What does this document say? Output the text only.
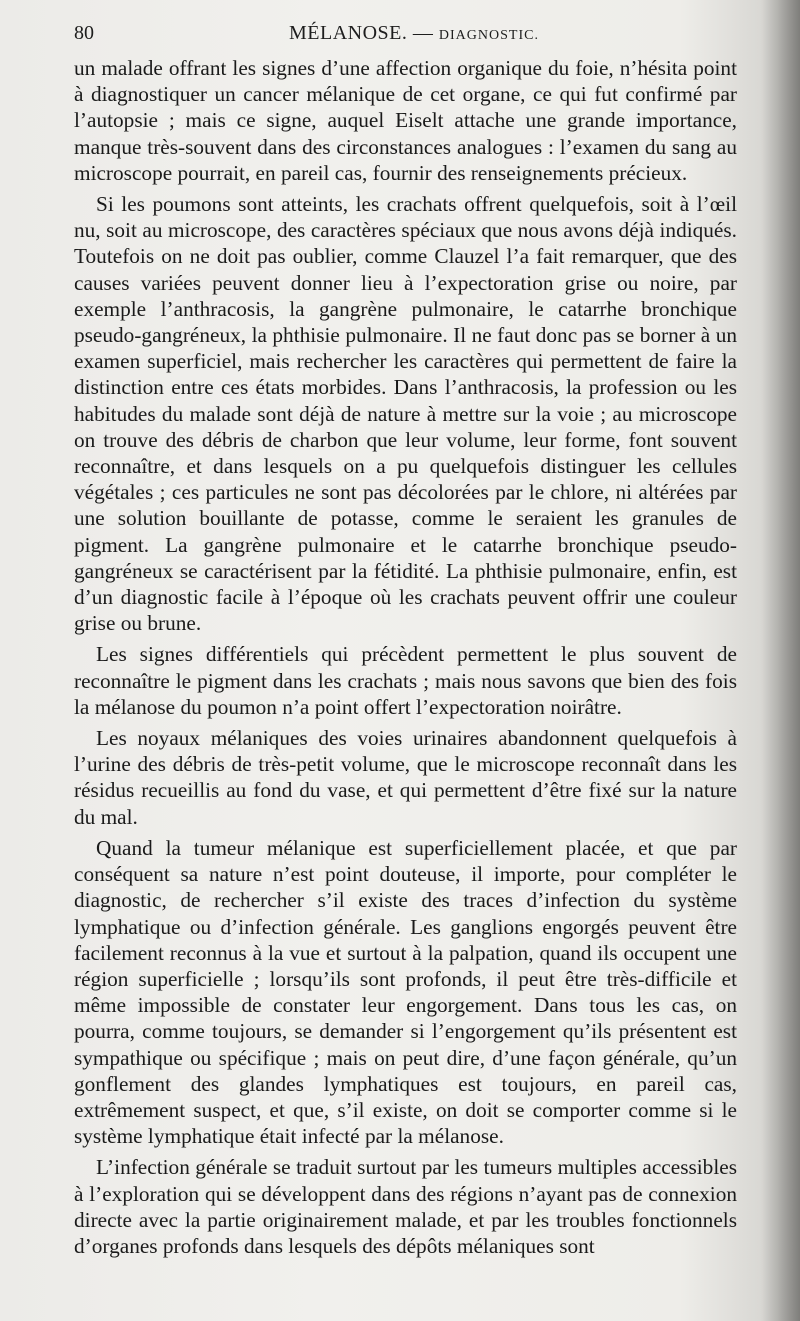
80	MÉLANOSE. — DIAGNOSTIC.

un malade offrant les signes d’une affection organique du foie, n’hésita point à diagnostiquer un cancer mélanique de cet organe, ce qui fut confirmé par l’autopsie ; mais ce signe, auquel Eiselt attache une grande importance, manque très-souvent dans des circonstances analogues : l’examen du sang au microscope pourrait, en pareil cas, fournir des renseignements précieux.

Si les poumons sont atteints, les crachats offrent quelquefois, soit à l’œil nu, soit au microscope, des caractères spéciaux que nous avons déjà indiqués. Toutefois on ne doit pas oublier, comme Clauzel l’a fait remarquer, que des causes variées peuvent donner lieu à l’expectoration grise ou noire, par exemple l’anthracosis, la gangrène pulmonaire, le catarrhe bronchique pseudo-gangréneux, la phthisie pulmonaire. Il ne faut donc pas se borner à un examen superficiel, mais rechercher les caractères qui permettent de faire la distinction entre ces états morbides. Dans l’anthracosis, la profession ou les habitudes du malade sont déjà de nature à mettre sur la voie ; au microscope on trouve des débris de charbon que leur volume, leur forme, font souvent reconnaître, et dans lesquels on a pu quelquefois distinguer les cellules végétales ; ces particules ne sont pas décolorées par le chlore, ni altérées par une solution bouillante de potasse, comme le seraient les granules de pigment. La gangrène pulmonaire et le catarrhe bronchique pseudo-gangréneux se caractérisent par la fétidité. La phthisie pulmonaire, enfin, est d’un diagnostic facile à l’époque où les crachats peuvent offrir une couleur grise ou brune.

Les signes différentiels qui précèdent permettent le plus souvent de reconnaître le pigment dans les crachats ; mais nous savons que bien des fois la mélanose du poumon n’a point offert l’expectoration noirâtre.

Les noyaux mélaniques des voies urinaires abandonnent quelquefois à l’urine des débris de très-petit volume, que le microscope reconnaît dans les résidus recueillis au fond du vase, et qui permettent d’être fixé sur la nature du mal.

Quand la tumeur mélanique est superficiellement placée, et que par conséquent sa nature n’est point douteuse, il importe, pour compléter le diagnostic, de rechercher s’il existe des traces d’infection du système lymphatique ou d’infection générale. Les ganglions engorgés peuvent être facilement reconnus à la vue et surtout à la palpation, quand ils occupent une région superficielle ; lorsqu’ils sont profonds, il peut être très-difficile et même impossible de constater leur engorgement. Dans tous les cas, on pourra, comme toujours, se demander si l’engorgement qu’ils présentent est sympathique ou spécifique ; mais on peut dire, d’une façon générale, qu’un gonflement des glandes lymphatiques est toujours, en pareil cas, extrêmement suspect, et que, s’il existe, on doit se comporter comme si le système lymphatique était infecté par la mélanose.

L’infection générale se traduit surtout par les tumeurs multiples accessibles à l’exploration qui se développent dans des régions n’ayant pas de connexion directe avec la partie originairement malade, et par les troubles fonctionnels d’organes profonds dans lesquels des dépôts mélaniques sont
